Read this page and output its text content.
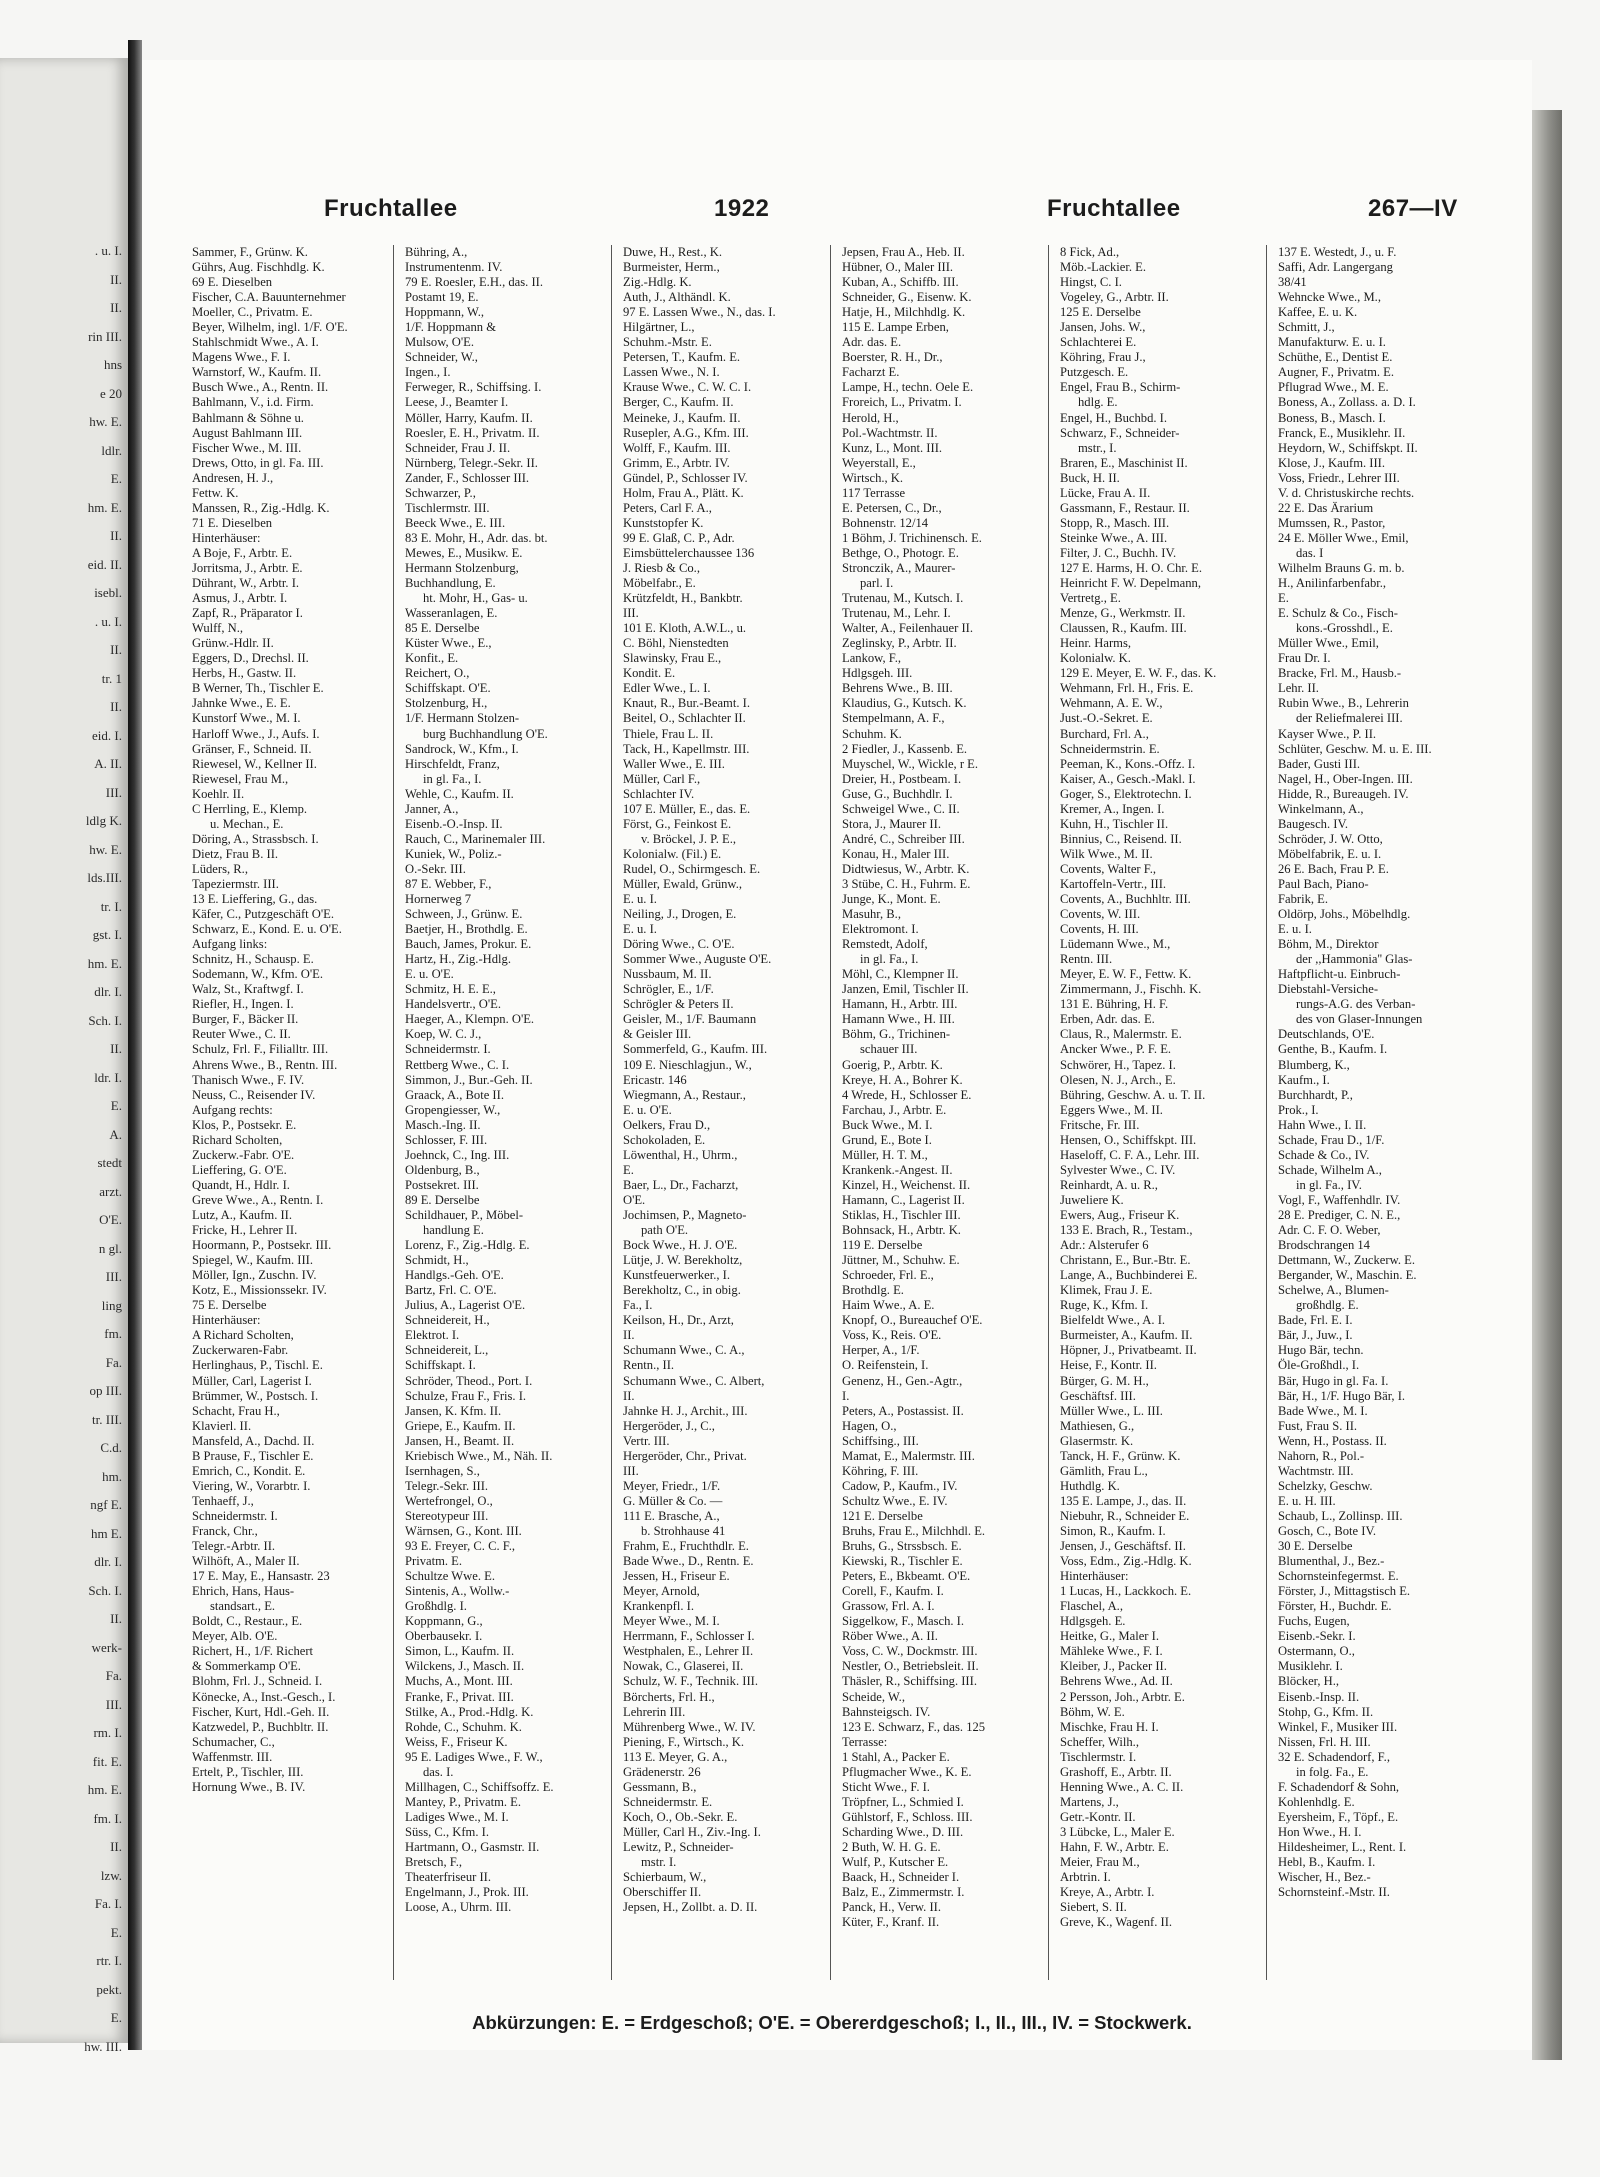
. u. I.
II.
II.
rin III.
hns
e 20
hw. E.
ldlr.
E.
hm. E.
II.
eid. II.
isebl.
. u. I.
II.
tr. 1
II.
eid. I.
A. II.
III.
ldlg K.
hw. E.
lds.III.
tr. I.
gst. I.
hm. E.
dlr. I.
Sch. I.
II.
ldr. I.
E.
A.
stedt
arzt.
O'E.
n gl.
III.
ling
fm.
Fa.
op III.
tr. III.
C.d.
hm.
ngf E.
hm E.
dlr. I.
Sch. I.
II.
werk-
Fa.
III.
rm. I.
fit. E.
hm. E.
fm. I.
II.
lzw.
Fa. I.
E.
rtr. I.
pekt.
E.
hw. III.
Fruchtallee	1922	Fruchtallee	267—IV
Sammer, F., Grünw. K.
Gührs, Aug. Fischhdlg. K.
69 E. Dieselben
Fischer, C.A. Bauunternehmer
Moeller, C., Privatm. E.
Beyer, Wilhelm, ingl. 1/F. O'E.
Stahlschmidt Wwe., A. I.
Magens Wwe., F. I.
Warnstorf, W., Kaufm. II.
Busch Wwe., A., Rentn. II.
Bahlmann, V., i.d. Firm.
Bahlmann & Söhne u.
August Bahlmann III.
Fischer Wwe., M. III.
Drews, Otto, in gl. Fa. III.
Andresen, H. J.,
Fettw. K.
Manssen, R., Zig.-Hdlg. K.
71 E. Dieselben
Hinterhäuser:
A Boje, F., Arbtr. E.
Jorritsma, J., Arbtr. E.
Dührant, W., Arbtr. I.
Asmus, J., Arbtr. I.
Zapf, R., Präparator I.
Wulff, N.,
Grünw.-Hdlr. II.
Eggers, D., Drechsl. II.
Herbs, H., Gastw. II.
B Werner, Th., Tischler E.
Jahnke Wwe., E. E.
Kunstorf Wwe., M. I.
Harloff Wwe., J., Aufs. I.
Gränser, F., Schneid. II.
Riewesel, W., Kellner II.
Riewesel, Frau M.,
Koehlr. II.
C Herrling, E., Klemp.
u. Mechan., E.
Döring, A., Strassbsch. I.
Dietz, Frau B. II.
Lüders, R.,
Tapeziermstr. III.
13 E. Lieffering, G., das.
Käfer, C., Putzgeschäft O'E.
Schwarz, E., Kond. E. u. O'E.
Aufgang links:
Schnitz, H., Schausp. E.
Sodemann, W., Kfm. O'E.
Walz, St., Kraftwgf. I.
Riefler, H., Ingen. I.
Burger, F., Bäcker II.
Reuter Wwe., C. II.
Schulz, Frl. F., Filialltr. III.
Ahrens Wwe., B., Rentn. III.
Thanisch Wwe., F. IV.
Neuss, C., Reisender IV.
Aufgang rechts:
Klos, P., Postsekr. E.
Richard Scholten,
Zuckerw.-Fabr. O'E.
Lieffering, G. O'E.
Quandt, H., Hdlr. I.
Greve Wwe., A., Rentn. I.
Lutz, A., Kaufm. II.
Fricke, H., Lehrer II.
Hoormann, P., Postsekr. III.
Spiegel, W., Kaufm. III.
Möller, Ign., Zuschn. IV.
Kotz, E., Missionssekr. IV.
75 E. Derselbe
Hinterhäuser:
A Richard Scholten,
Zuckerwaren-Fabr.
Herlinghaus, P., Tischl. E.
Müller, Carl, Lagerist I.
Brümmer, W., Postsch. I.
Schacht, Frau H.,
Klavierl. II.
Mansfeld, A., Dachd. II.
B Prause, F., Tischler E.
Emrich, C., Kondit. E.
Viering, W., Vorarbtr. I.
Tenhaeff, J.,
Schneidermstr. I.
Franck, Chr.,
Telegr.-Arbtr. II.
Wilhöft, A., Maler II.
17 E. May, E., Hansastr. 23
Ehrich, Hans, Haus-
standsart., E.
Boldt, C., Restaur., E.
Meyer, Alb. O'E.
Richert, H., 1/F. Richert
& Sommerkamp O'E.
Blohm, Frl. J., Schneid. I.
Könecke, A., Inst.-Gesch., I.
Fischer, Kurt, Hdl.-Geh. II.
Katzwedel, P., Buchbltr. II.
Schumacher, C.,
Waffenmstr. III.
Ertelt, P., Tischler, III.
Hornung Wwe., B. IV.
Bühring, A.,
Instrumentenm. IV.
79 E. Roesler, E.H., das. II.
Postamt 19, E.
Hoppmann, W.,
1/F. Hoppmann &
Mulsow, O'E.
Schneider, W.,
Ingen., I.
Ferweger, R., Schiffsing. I.
Leese, J., Beamter I.
Möller, Harry, Kaufm. II.
Roesler, E. H., Privatm. II.
Schneider, Frau J. II.
Nürnberg, Telegr.-Sekr. II.
Zander, F., Schlosser III.
Schwarzer, P.,
Tischlermstr. III.
Beeck Wwe., E. III.
83 E. Mohr, H., Adr. das. bt.
Mewes, E., Musikw. E.
Hermann Stolzenburg,
Buchhandlung, E.
ht. Mohr, H., Gas- u.
Wasseranlagen, E.
85 E. Derselbe
Küster Wwe., E.,
Konfit., E.
Reichert, O.,
Schiffskapt. O'E.
Stolzenburg, H.,
1/F. Hermann Stolzen-
burg Buchhandlung O'E.
Sandrock, W., Kfm., I.
Hirschfeldt, Franz,
in gl. Fa., I.
Wehle, C., Kaufm. II.
Janner, A.,
Eisenb.-O.-Insp. II.
Rauch, C., Marinemaler III.
Kuniek, W., Poliz.-
O.-Sekr. III.
87 E. Webber, F.,
Hornerweg 7
Schween, J., Grünw. E.
Baetjer, H., Brothdlg. E.
Bauch, James, Prokur. E.
Hartz, H., Zig.-Hdlg.
E. u. O'E.
Schmitz, H. E. E.,
Handelsvertr., O'E.
Haeger, A., Klempn. O'E.
Koep, W. C. J.,
Schneidermstr. I.
Rettberg Wwe., C. I.
Simmon, J., Bur.-Geh. II.
Graack, A., Bote II.
Gropengiesser, W.,
Masch.-Ing. II.
Schlosser, F. III.
Joehnck, C., Ing. III.
Oldenburg, B.,
Postsekret. III.
89 E. Derselbe
Schildhauer, P., Möbel-
handlung E.
Lorenz, F., Zig.-Hdlg. E.
Schmidt, H.,
Handlgs.-Geh. O'E.
Bartz, Frl. C. O'E.
Julius, A., Lagerist O'E.
Schneidereit, H.,
Elektrot. I.
Schneidereit, L.,
Schiffskapt. I.
Schröder, Theod., Port. I.
Schulze, Frau F., Fris. I.
Jansen, K. Kfm. II.
Griepe, E., Kaufm. II.
Jansen, H., Beamt. II.
Kriebisch Wwe., M., Näh. II.
Isernhagen, S.,
Telegr.-Sekr. III.
Wertefrongel, O.,
Stereotypeur III.
Wärnsen, G., Kont. III.
93 E. Freyer, C. C. F.,
Privatm. E.
Schultze Wwe. E.
Sintenis, A., Wollw.-
Großhdlg. I.
Koppmann, G.,
Oberbausekr. I.
Simon, L., Kaufm. II.
Wilckens, J., Masch. II.
Muchs, A., Mont. III.
Franke, F., Privat. III.
Stilke, A., Prod.-Hdlg. K.
Rohde, C., Schuhm. K.
Weiss, F., Friseur K.
95 E. Ladiges Wwe., F. W.,
das. I.
Millhagen, C., Schiffsoffz. E.
Mantey, P., Privatm. E.
Ladiges Wwe., M. I.
Süss, C., Kfm. I.
Hartmann, O., Gasmstr. II.
Bretsch, F.,
Theaterfriseur II.
Engelmann, J., Prok. III.
Loose, A., Uhrm. III.
Duwe, H., Rest., K.
Burmeister, Herm.,
Zig.-Hdlg. K.
Auth, J., Althändl. K.
97 E. Lassen Wwe., N., das. I.
Hilgärtner, L.,
Schuhm.-Mstr. E.
Petersen, T., Kaufm. E.
Lassen Wwe., N. I.
Krause Wwe., C. W. C. I.
Berger, C., Kaufm. II.
Meineke, J., Kaufm. II.
Rusepler, A.G., Kfm. III.
Wolff, F., Kaufm. III.
Grimm, E., Arbtr. IV.
Gündel, P., Schlosser IV.
Holm, Frau A., Plätt. K.
Peters, Carl F. A.,
Kunststopfer K.
99 E. Glaß, C. P., Adr.
Eimsbüttelerchaussee 136
J. Riesb & Co.,
Möbelfabr., E.
Krützfeldt, H., Bankbtr.
III.
101 E. Kloth, A.W.L., u.
C. Böhl, Nienstedten
Slawinsky, Frau E.,
Kondit. E.
Edler Wwe., L. I.
Knaut, R., Bur.-Beamt. I.
Beitel, O., Schlachter II.
Thiele, Frau L. II.
Tack, H., Kapellmstr. III.
Waller Wwe., E. III.
Müller, Carl F.,
Schlachter IV.
107 E. Müller, E., das. E.
Först, G., Feinkost E.
v. Bröckel, J. P. E.,
Kolonialw. (Fil.) E.
Rudel, O., Schirmgesch. E.
Müller, Ewald, Grünw.,
E. u. I.
Neiling, J., Drogen, E.
E. u. I.
Döring Wwe., C. O'E.
Sommer Wwe., Auguste O'E.
Nussbaum, M. II.
Schrögler, E., 1/F.
Schrögler & Peters II.
Geisler, M., 1/F. Baumann
& Geisler III.
Sommerfeld, G., Kaufm. III.
109 E. Nieschlagjun., W.,
Ericastr. 146
Wiegmann, A., Restaur.,
E. u. O'E.
Oelkers, Frau D.,
Schokoladen, E.
Löwenthal, H., Uhrm.,
E.
Baer, L., Dr., Facharzt,
O'E.
Jochimsen, P., Magneto-
path O'E.
Bock Wwe., H. J. O'E.
Lütje, J. W. Berekholtz,
Kunstfeuerwerker., I.
Berekholtz, C., in obig.
Fa., I.
Keilson, H., Dr., Arzt,
II.
Schumann Wwe., C. A.,
Rentn., II.
Schumann Wwe., C. Albert,
II.
Jahnke H. J., Archit., III.
Hergeröder, J., C.,
Vertr. III.
Hergeröder, Chr., Privat.
III.
Meyer, Friedr., 1/F.
G. Müller & Co. —
111 E. Brasche, A.,
b. Strohhause 41
Frahm, E., Fruchthdlr. E.
Bade Wwe., D., Rentn. E.
Jessen, H., Friseur E.
Meyer, Arnold,
Krankenpfl. I.
Meyer Wwe., M. I.
Herrmann, F., Schlosser I.
Westphalen, E., Lehrer II.
Nowak, C., Glaserei, II.
Schulz, W. F., Technik. III.
Börcherts, Frl. H.,
Lehrerin III.
Mührenberg Wwe., W. IV.
Piening, F., Wirtsch., K.
113 E. Meyer, G. A.,
Grädenerstr. 26
Gessmann, B.,
Schneidermstr. E.
Koch, O., Ob.-Sekr. E.
Müller, Carl H., Ziv.-Ing. I.
Lewitz, P., Schneider-
mstr. I.
Schierbaum, W.,
Oberschiffer II.
Jepsen, H., Zollbt. a. D. II.
Jepsen, Frau A., Heb. II.
Hübner, O., Maler III.
Kuban, A., Schiffb. III.
Schneider, G., Eisenw. K.
Hatje, H., Milchhdlg. K.
115 E. Lampe Erben,
Adr. das. E.
Boerster, R. H., Dr.,
Facharzt E.
Lampe, H., techn. Oele E.
Froreich, L., Privatm. I.
Herold, H.,
Pol.-Wachtmstr. II.
Kunz, L., Mont. III.
Weyerstall, E.,
Wirtsch., K.
117 Terrasse
E. Petersen, C., Dr.,
Bohnenstr. 12/14
1 Böhm, J. Trichinensch. E.
Bethge, O., Photogr. E.
Stronczik, A., Maurer-
parl. I.
Trutenau, M., Kutsch. I.
Trutenau, M., Lehr. I.
Walter, A., Feilenhauer II.
Zeglinsky, P., Arbtr. II.
Lankow, F.,
Hdlgsgeh. III.
Behrens Wwe., B. III.
Klaudius, G., Kutsch. K.
Stempelmann, A. F.,
Schuhm. K.
2 Fiedler, J., Kassenb. E.
Muyschel, W., Wickle, r E.
Dreier, H., Postbeam. I.
Guse, G., Buchhdlr. I.
Schweigel Wwe., C. II.
Stora, J., Maurer II.
André, C., Schreiber III.
Konau, H., Maler III.
Didtwiesus, W., Arbtr. K.
3 Stübe, C. H., Fuhrm. E.
Junge, K., Mont. E.
Masuhr, B.,
Elektromont. I.
Remstedt, Adolf,
in gl. Fa., I.
Möhl, C., Klempner II.
Janzen, Emil, Tischler II.
Hamann, H., Arbtr. III.
Hamann Wwe., H. III.
Böhm, G., Trichinen-
schauer III.
Goerig, P., Arbtr. K.
Kreye, H. A., Bohrer K.
4 Wrede, H., Schlosser E.
Farchau, J., Arbtr. E.
Buck Wwe., M. I.
Grund, E., Bote I.
Müller, H. T. M.,
Krankenk.-Angest. II.
Kinzel, H., Weichenst. II.
Hamann, C., Lagerist II.
Stiklas, H., Tischler III.
Bohnsack, H., Arbtr. K.
119 E. Derselbe
Jüttner, M., Schuhw. E.
Schroeder, Frl. E.,
Brothdlg. E.
Haim Wwe., A. E.
Knopf, O., Bureauchef O'E.
Voss, K., Reis. O'E.
Herper, A., 1/F.
O. Reifenstein, I.
Genenz, H., Gen.-Agtr.,
I.
Peters, A., Postassist. II.
Hagen, O.,
Schiffsing., III.
Mamat, E., Malermstr. III.
Köhring, F. III.
Cadow, P., Kaufm., IV.
Schultz Wwe., E. IV.
121 E. Derselbe
Bruhs, Frau E., Milchhdl. E.
Bruhs, G., Strssbsch. E.
Kiewski, R., Tischler E.
Peters, E., Bkbeamt. O'E.
Corell, F., Kaufm. I.
Grassow, Frl. A. I.
Siggelkow, F., Masch. I.
Röber Wwe., A. II.
Voss, C. W., Dockmstr. III.
Nestler, O., Betriebsleit. II.
Thäsler, R., Schiffsing. III.
Scheide, W.,
Bahnsteigsch. IV.
123 E. Schwarz, F., das. 125
Terrasse:
1 Stahl, A., Packer E.
Pflugmacher Wwe., K. E.
Sticht Wwe., F. I.
Tröpfner, L., Schmied I.
Gühlstorf, F., Schloss. III.
Scharding Wwe., D. III.
2 Buth, W. H. G. E.
Wulf, P., Kutscher E.
Baack, H., Schneider I.
Balz, E., Zimmermstr. I.
Panck, H., Verw. II.
Küter, F., Kranf. II.
8 Fick, Ad.,
Möb.-Lackier. E.
Hingst, C. I.
Vogeley, G., Arbtr. II.
125 E. Derselbe
Jansen, Johs. W.,
Schlachterei E.
Köhring, Frau J.,
Putzgesch. E.
Engel, Frau B., Schirm-
hdlg. E.
Engel, H., Buchbd. I.
Schwarz, F., Schneider-
mstr., I.
Braren, E., Maschinist II.
Buck, H. II.
Lücke, Frau A. II.
Gassmann, F., Restaur. II.
Stopp, R., Masch. III.
Steinke Wwe., A. III.
Filter, J. C., Buchh. IV.
127 E. Harms, H. O. Chr. E.
Heinricht F. W. Depelmann,
Vertretg., E.
Menze, G., Werkmstr. II.
Claussen, R., Kaufm. III.
Heinr. Harms,
Kolonialw. K.
129 E. Meyer, E. W. F., das. K.
Wehmann, Frl. H., Fris. E.
Wehmann, A. E. W.,
Just.-O.-Sekret. E.
Burchard, Frl. A.,
Schneidermstrin. E.
Peeman, K., Kons.-Offz. I.
Kaiser, A., Gesch.-Makl. I.
Goger, S., Elektrotechn. I.
Kremer, A., Ingen. I.
Kuhn, H., Tischler II.
Binnius, C., Reisend. II.
Wilk Wwe., M. II.
Covents, Walter F.,
Kartoffeln-Vertr., III.
Covents, A., Buchhltr. III.
Covents, W. III.
Covents, H. III.
Lüdemann Wwe., M.,
Rentn. III.
Meyer, E. W. F., Fettw. K.
Zimmermann, J., Fischh. K.
131 E. Bühring, H. F.
Erben, Adr. das. E.
Claus, R., Malermstr. E.
Ancker Wwe., P. F. E.
Schwörer, H., Tapez. I.
Olesen, N. J., Arch., E.
Bühring, Geschw. A. u. T. II.
Eggers Wwe., M. II.
Fritsche, Fr. III.
Hensen, O., Schiffskpt. III.
Haseloff, C. F. A., Lehr. III.
Sylvester Wwe., C. IV.
Reinhardt, A. u. R.,
Juweliere K.
Ewers, Aug., Friseur K.
133 E. Brach, R., Testam.,
Adr.: Alsterufer 6
Christann, E., Bur.-Btr. E.
Lange, A., Buchbinderei E.
Klimek, Frau J. E.
Ruge, K., Kfm. I.
Bielfeldt Wwe., A. I.
Burmeister, A., Kaufm. II.
Höpner, J., Privatbeamt. II.
Heise, F., Kontr. II.
Bürger, G. M. H.,
Geschäftsf. III.
Müller Wwe., L. III.
Mathiesen, G.,
Glasermstr. K.
Tanck, H. F., Grünw. K.
Gämlith, Frau L.,
Huthdlg. K.
135 E. Lampe, J., das. II.
Niebuhr, R., Schneider E.
Simon, R., Kaufm. I.
Jensen, J., Geschäftsf. II.
Voss, Edm., Zig.-Hdlg. K.
Hinterhäuser:
1 Lucas, H., Lackkoch. E.
Flaschel, A.,
Hdlgsgeh. E.
Heitke, G., Maler I.
Mähleke Wwe., F. I.
Kleiber, J., Packer II.
Behrens Wwe., Ad. II.
2 Persson, Joh., Arbtr. E.
Böhm, W. E.
Mischke, Frau H. I.
Scheffer, Wilh.,
Tischlermstr. I.
Grashoff, E., Arbtr. II.
Henning Wwe., A. C. II.
Martens, J.,
Getr.-Kontr. II.
3 Lübcke, L., Maler E.
Hahn, F. W., Arbtr. E.
Meier, Frau M.,
Arbtrin. I.
Kreye, A., Arbtr. I.
Siebert, S. II.
Greve, K., Wagenf. II.
137 E. Westedt, J., u. F.
Saffi, Adr. Langergang
38/41
Wehncke Wwe., M.,
Kaffee, E. u. K.
Schmitt, J.,
Manufakturw. E. u. I.
Schüthe, E., Dentist E.
Augner, F., Privatm. E.
Pflugrad Wwe., M. E.
Boness, A., Zollass. a. D. I.
Boness, B., Masch. I.
Franck, E., Musiklehr. II.
Heydorn, W., Schiffskpt. II.
Klose, J., Kaufm. III.
Voss, Friedr., Lehrer III.
V. d. Christuskirche rechts.
22 E. Das Ärarium
Mumssen, R., Pastor,
24 E. Möller Wwe., Emil,
das. I
Wilhelm Brauns G. m. b.
H., Anilinfarbenfabr.,
E.
E. Schulz & Co., Fisch-
kons.-Grosshdl., E.
Müller Wwe., Emil,
Frau Dr. I.
Bracke, Frl. M., Hausb.-
Lehr. II.
Rubin Wwe., B., Lehrerin
der Reliefmalerei III.
Kayser Wwe., P. II.
Schlüter, Geschw. M. u. E. III.
Bader, Gusti III.
Nagel, H., Ober-Ingen. III.
Hidde, R., Bureaugeh. IV.
Winkelmann, A.,
Baugesch. IV.
Schröder, J. W. Otto,
Möbelfabrik, E. u. I.
26 E. Bach, Frau P. E.
Paul Bach, Piano-
Fabrik, E.
Oldörp, Johs., Möbelhdlg.
E. u. I.
Böhm, M., Direktor
der ,,Hammonia'' Glas-
Haftpflicht-u. Einbruch-
Diebstahl-Versiche-
rungs-A.G. des Verban-
des von Glaser-Innungen
Deutschlands, O'E.
Genthe, B., Kaufm. I.
Blumberg, K.,
Kaufm., I.
Burchhardt, P.,
Prok., I.
Hahn Wwe., I. II.
Schade, Frau D., 1/F.
Schade & Co., IV.
Schade, Wilhelm A.,
in gl. Fa., IV.
Vogl, F., Waffenhdlr. IV.
28 E. Prediger, C. N. E.,
Adr. C. F. O. Weber,
Brodschrangen 14
Dettmann, W., Zuckerw. E.
Bergander, W., Maschin. E.
Schelwe, A., Blumen-
großhdlg. E.
Bade, Frl. E. I.
Bär, J., Juw., I.
Hugo Bär, techn.
Öle-Großhdl., I.
Bär, Hugo in gl. Fa. I.
Bär, H., 1/F. Hugo Bär, I.
Bade Wwe., M. I.
Fust, Frau S. II.
Wenn, H., Postass. II.
Nahorn, R., Pol.-
Wachtmstr. III.
Schelzky, Geschw.
E. u. H. III.
Schaub, L., Zollinsp. III.
Gosch, C., Bote IV.
30 E. Derselbe
Blumenthal, J., Bez.-
Schornsteinfegermst. E.
Förster, J., Mittagstisch E.
Förster, H., Buchdr. E.
Fuchs, Eugen,
Eisenb.-Sekr. I.
Ostermann, O.,
Musiklehr. I.
Blöcker, H.,
Eisenb.-Insp. II.
Stohp, G., Kfm. II.
Winkel, F., Musiker III.
Nissen, Frl. H. III.
32 E. Schadendorf, F.,
in folg. Fa., E.
F. Schadendorf & Sohn,
Kohlenhdlg. E.
Eyersheim, F., Töpf., E.
Hon Wwe., H. I.
Hildesheimer, L., Rent. I.
Hebl, B., Kaufm. I.
Wischer, H., Bez.-
Schornsteinf.-Mstr. II.
Abkürzungen: E. = Erdgeschoß; O'E. = Obererdgeschoß; I., II., III., IV. = Stockwerk.
